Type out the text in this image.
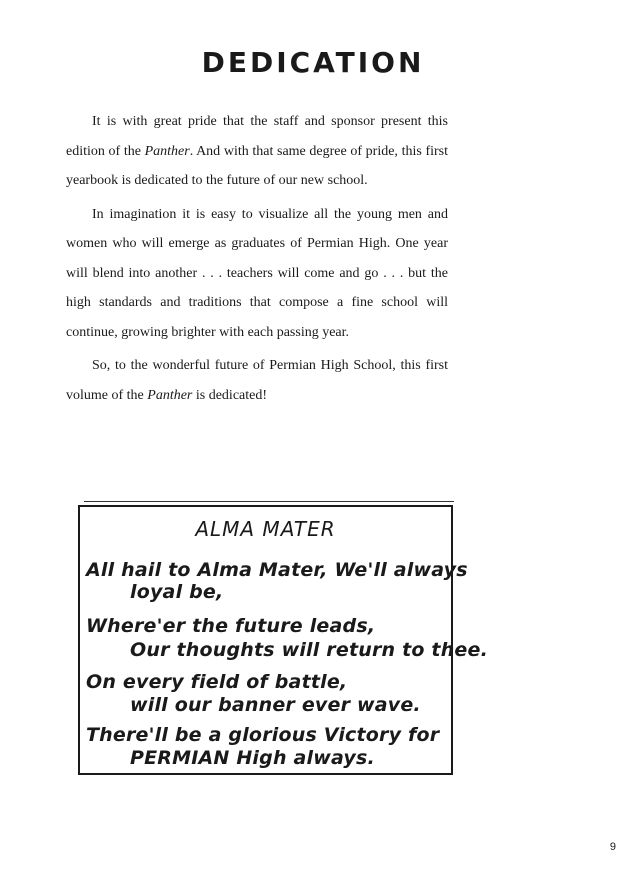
DEDICATION

It is with great pride that the staff and sponsor present this edition of the Panther. And with that same degree of pride, this first yearbook is dedicated to the future of our new school.

In imagination it is easy to visualize all the young men and women who will emerge as graduates of Permian High. One year will blend into another . . . teachers will come and go . . . but the high standards and traditions that compose a fine school will continue, growing brighter with each passing year.

So, to the wonderful future of Permian High School, this first volume of the Panther is dedicated!

ALMA MATER
All hail to Alma Mater, We'll always
loyal be,
Where'er the future leads,
Our thoughts will return to thee.
On every field of battle,
will our banner ever wave.
There'll be a glorious Victory for
PERMIAN High always.
9
